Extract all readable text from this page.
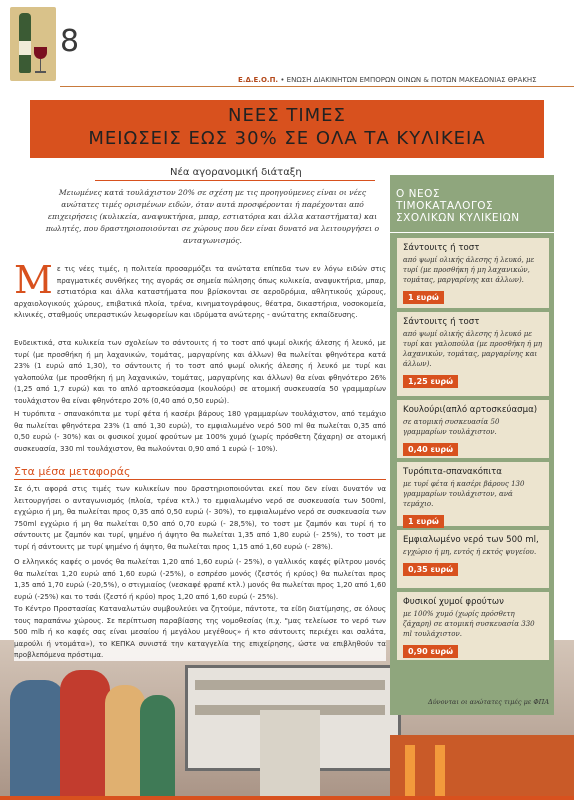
8
Ε.Δ.Ε.Ο.Π. • ΕΝΩΣΗ ΔΙΑΚΙΝΗΤΩΝ ΕΜΠΟΡΩΝ ΟΙΝΩΝ & ΠΟΤΩΝ ΜΑΚΕΔΟΝΙΑΣ ΘΡΑΚΗΣ
ΝΕΕΣ ΤΙΜΕΣ
ΜΕΙΩΣΕΙΣ ΕΩΣ 30% ΣΕ ΟΛΑ ΤΑ ΚΥΛΙΚΕΙΑ
Νέα αγορανομική διάταξη
Μειωμένες κατά τουλάχιστον 20% σε σχέση με τις προηγούμενες είναι οι νέες ανώτατες τιμές ορισμένων ειδών, όταν αυτά προσφέρονται ή παρέχονται από επιχειρήσεις (κυλικεία, αναψυκτήρια, μπαρ, εστιατόρια και άλλα καταστήματα) και πωλητές, που δραστηριοποιούνται σε χώρους που δεν είναι δυνατό να λειτουργήσει ο ανταγωνισμός.
Με τις νέες τιμές, η πολιτεία προσαρμόζει τα ανώτατα επίπεδα των εν λόγω ειδών στις πραγματικές συνθήκες της αγοράς σε σημεία πώλησης όπως κυλικεία, αναψυκτήρια, μπαρ, εστιατόρια και άλλα καταστήματα που βρίσκονται σε αεροδρόμια, αθλητικούς χώρους, αρχαιολογικούς χώρους, επιβατικά πλοία, τρένα, κινηματογράφους, θέατρα, δικαστήρια, νοσοκομεία, κλινικές, σταθμούς υπεραστικών λεωφορείων και ιδρύματα ανώτερης - ανώτατης εκπαίδευσης.
Ενδεικτικά, στα κυλικεία των σχολείων το σάντουιτς ή το τοστ από ψωμί ολικής άλεσης ή λευκό, με τυρί (με προσθήκη ή μη λαχανικών, τομάτας, μαργαρίνης και άλλων) θα πωλείται φθηνότερα κατά 23% (1 ευρώ από 1,30), το σάντουιτς ή το τοστ από ψωμί ολικής άλεσης ή λευκό με τυρί και γαλοπούλα (με προσθήκη ή μη λαχανικών, τομάτας, μαργαρίνης και άλλων) θα είναι φθηνότερο 26% (1,25 από 1,7 ευρώ) και το απλό αρτοσκεύασμα (κουλούρι) σε ατομική συσκευασία 50 γραμμαρίων τουλάχιστον θα είναι φθηνότερο 20% (0,40 από 0,50 ευρώ).
Η τυρόπιτα - σπανακόπιτα με τυρί φέτα ή κασέρι βάρους 180 γραμμαρίων τουλάχιστον, από τεμάχιο θα πωλείται φθηνότερα 23% (1 από 1,30 ευρώ), το εμφιαλωμένο νερό 500 ml θα πωλείται 0,35 από 0,50 ευρώ (- 30%) και οι φυσικοί χυμοί φρούτων με 100% χυμό (χωρίς πρόσθετη ζάχαρη) σε ατομική συσκευασία, 330 ml τουλάχιστον, θα πωλούνται 0,90 από 1 ευρώ (- 10%).
Στα μέσα μεταφοράς
Σε ό,τι αφορά στις τιμές των κυλικείων που δραστηριοποιούνται εκεί που δεν είναι δυνατόν να λειτουργήσει ο ανταγωνισμός (πλοία, τρένα κτλ.) το εμφιαλωμένο νερό σε συσκευασία των 500ml, εγχώριο ή μη, θα πωλείται προς 0,35 από 0,50 ευρώ (- 30%), το εμφιαλωμένο νερό σε συσκευασία των 750ml εγχώριο ή μη θα πωλείται 0,50 από 0,70 ευρώ (- 28,5%), το τοστ με ζαμπόν και τυρί ή το σάντουιτς με ζαμπόν και τυρί, ψημένο ή άψητο θα πωλείται 1,35 από 1,80 ευρώ (- 25%), το τοστ με τυρί ή σάντουιτς με τυρί ψημένο ή άψητο, θα πωλείται προς 1,15 από 1,60 ευρώ (- 28%).
Ο ελληνικός καφές ο μονός θα πωλείται 1,20 από 1,60 ευρώ (- 25%), ο γαλλικός καφές φίλτρου μονός θα πωλείται 1,20 ευρώ από 1,60 ευρώ (-25%), ο εσπρέσο μονός (ζεστός ή κρύος) θα πωλείται προς 1,35 από 1,70 ευρώ (-20,5%), ο στιγμιαίος (νεσκαφέ φραπέ κτλ.) μονός θα πωλείται προς 1,20 από 1,60 ευρώ (-25%) και το τσάι (ζεστό ή κρύο) προς 1,20 από 1,60 ευρώ (- 25%).
Το Κέντρο Προστασίας Καταναλωτών συμβουλεύει να ζητούμε, πάντοτε, τα είδη διατίμησης, σε όλους τους παραπάνω χώρους. Σε περίπτωση παραβίασης της νομοθεσίας (π.χ. "μας τελείωσε το νερό των 500 mlb ή κο καφές σας είναι μεσαίου ή μεγάλου μεγέθους» ή κτο σάντουιτς περιέχει και σαλάτα, μαρούλι ή ντομάτα»), το ΚΕΠΚΑ συνιστά την καταγγελία της επιχείρησης, ώστε να επιβληθούν τα προβλεπόμενα πρόστιμα.
Ο ΝΕΟΣ
ΤΙΜΟΚΑΤΑΛΟΓΟΣ
ΣΧΟΛΙΚΩΝ ΚΥΛΙΚΕΙΩΝ
Σάντουιτς ή τοστ
από ψωμί ολικής άλεσης ή λευκό, με τυρί (με προσθήκη ή μη λαχανικών, τομάτας, μαργαρίνης και άλλων).
1 ευρώ
Σάντουιτς ή τοστ
από ψωμί ολικής άλεσης ή λευκό με τυρί και γαλοπούλα (με προσθήκη ή μη λαχανικών, τομάτας, μαργαρίνης και άλλων).
1,25 ευρώ
Κουλούρι(απλό αρτοσκεύασμα)
σε ατομική συσκευασία 50 γραμμαρίων τουλάχιστον.
0,40 ευρώ
Τυρόπιτα-σπανακόπιτα
με τυρί φέτα ή κασέρι βάρους 130 γραμμαρίων τουλάχιστον, ανά τεμάχιο.
1 ευρώ
Εμφιαλωμένο νερό των 500 ml,
εγχώριο ή μη, εντός ή εκτός ψυγείου.
0,35 ευρώ
Φυσικοί χυμοί φρούτων
με 100% χυμό (χωρίς πρόσθετη ζάχαρη) σε ατομική συσκευασία 330 ml τουλάχιστον.
0,90 ευρώ
Δύνονται οι ανώτατες τιμές με ΦΠΑ
